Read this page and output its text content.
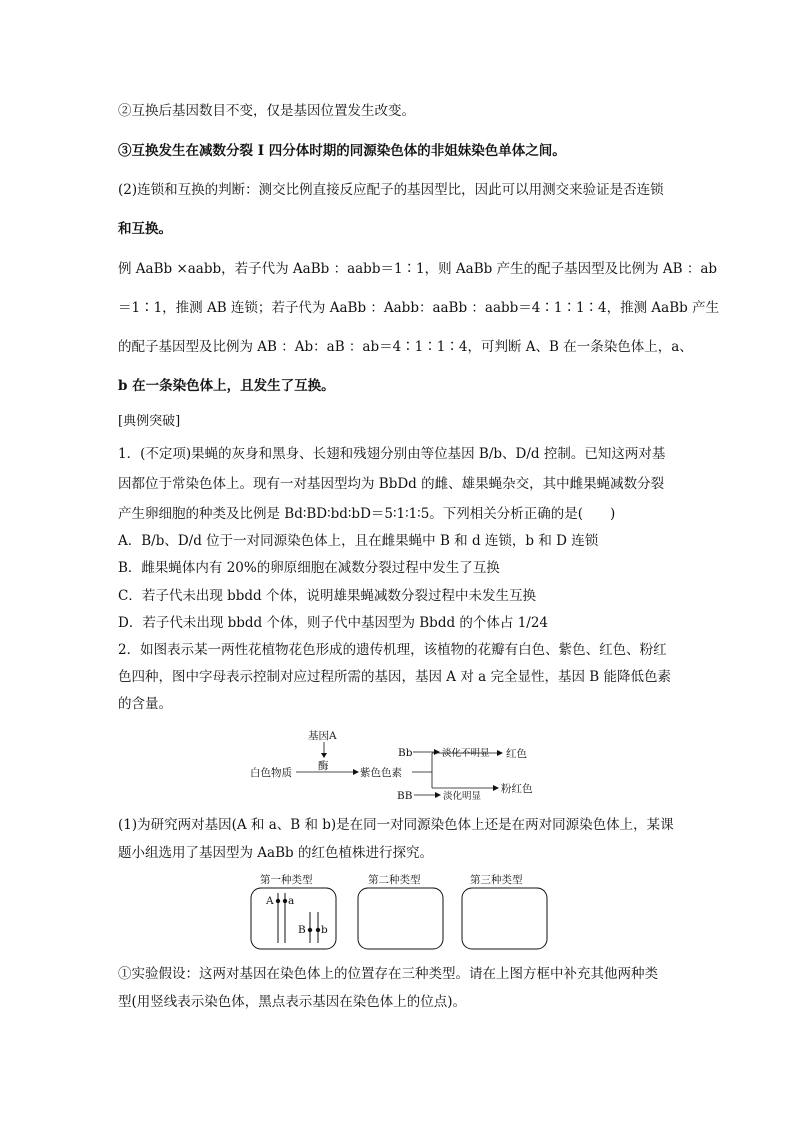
②互换后基因数目不变，仅是基因位置发生改变。
③互换发生在减数分裂 Ⅰ 四分体时期的同源染色体的非姐妹染色单体之间。
(2)连锁和互换的判断：测交比例直接反应配子的基因型比，因此可以用测交来验证是否连锁
和互换。
例 AaBb ×aabb，若子代为 AaBb ：aabb＝1∶1，则 AaBb 产生的配子基因型及比例为 AB ：ab
＝1∶1，推测 AB 连锁；若子代为 AaBb ：Aabb：aaBb ：aabb＝4∶1∶1∶4，推测 AaBb 产生
的配子基因型及比例为 AB ：Ab：aB ：ab＝4∶1∶1∶4，可判断 A、B 在一条染色体上，a、
b 在一条染色体上，且发生了互换。
[典例突破]
1．(不定项)果蝇的灰身和黑身、长翅和残翅分别由等位基因 B/b、D/d 控制。已知这两对基
因都位于常染色体上。现有一对基因型均为 BbDd 的雌、雄果蝇杂交，其中雌果蝇减数分裂
产生卵细胞的种类及比例是 Bd∶BD∶bd∶bD＝5∶1∶1∶5。下列相关分析正确的是(　　)
A．B/b、D/d 位于一对同源染色体上，且在雌果蝇中 B 和 d 连锁，b 和 D 连锁
B．雌果蝇体内有 20%的卵原细胞在减数分裂过程中发生了互换
C．若子代未出现 bbdd 个体，说明雄果蝇减数分裂过程中未发生互换
D．若子代未出现 bbdd 个体，则子代中基因型为 Bbdd 的个体占 1/24
2．如图表示某一两性花植物花色形成的遗传机理，该植物的花瓣有白色、紫色、红色、粉红
色四种，图中字母表示控制对应过程所需的基因，基因 A 对 a 完全显性，基因 B 能降低色素
的含量。
基因A
酶
白色物质	紫色色素
Bb	淡化不明显 红色
BB	淡化明显
粉红色
(1)为研究两对基因(A 和 a、B 和 b)是在同一对同源染色体上还是在两对同源染色体上，某课
题小组选用了基因型为 AaBb 的红色植株进行探究。
第一种类型
A a
B b
第二种类型	第三种类型
①实验假设：这两对基因在染色体上的位置存在三种类型。请在上图方框中补充其他两种类
型(用竖线表示染色体，黑点表示基因在染色体上的位点)。
